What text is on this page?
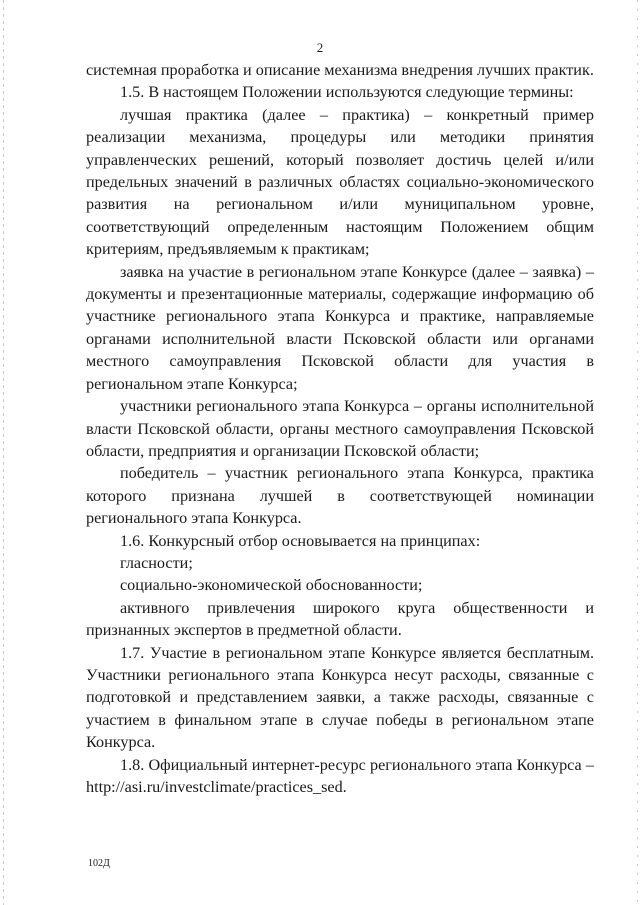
2

системная проработка и описание механизма внедрения лучших практик.

1.5. В настоящем Положении используются следующие термины:

лучшая практика (далее – практика) – конкретный пример реализации механизма, процедуры или методики принятия управленческих решений, который позволяет достичь целей и/или предельных значений в различных областях социально-экономического развития на региональном и/или муниципальном уровне, соответствующий определенным настоящим Положением общим критериям, предъявляемым к практикам;

заявка на участие в региональном этапе Конкурсе (далее – заявка) – документы и презентационные материалы, содержащие информацию об участнике регионального этапа Конкурса и практике, направляемые органами исполнительной власти Псковской области или органами местного самоуправления Псковской области для участия в региональном этапе Конкурса;

участники регионального этапа Конкурса – органы исполнительной власти Псковской области, органы местного самоуправления Псковской области, предприятия и организации Псковской области;

победитель – участник регионального этапа Конкурса, практика которого признана лучшей в соответствующей номинации регионального этапа Конкурса.

1.6. Конкурсный отбор основывается на принципах:

гласности;

социально-экономической обоснованности;

активного привлечения широкого круга общественности и признанных экспертов в предметной области.

1.7. Участие в региональном этапе Конкурсе является бесплатным. Участники регионального этапа Конкурса несут расходы, связанные с подготовкой и представлением заявки, а также расходы, связанные с участием в финальном этапе в случае победы в региональном этапе Конкурса.

1.8. Официальный интернет-ресурс регионального этапа Конкурса – http://asi.ru/investclimate/practices_sed.

102Д
